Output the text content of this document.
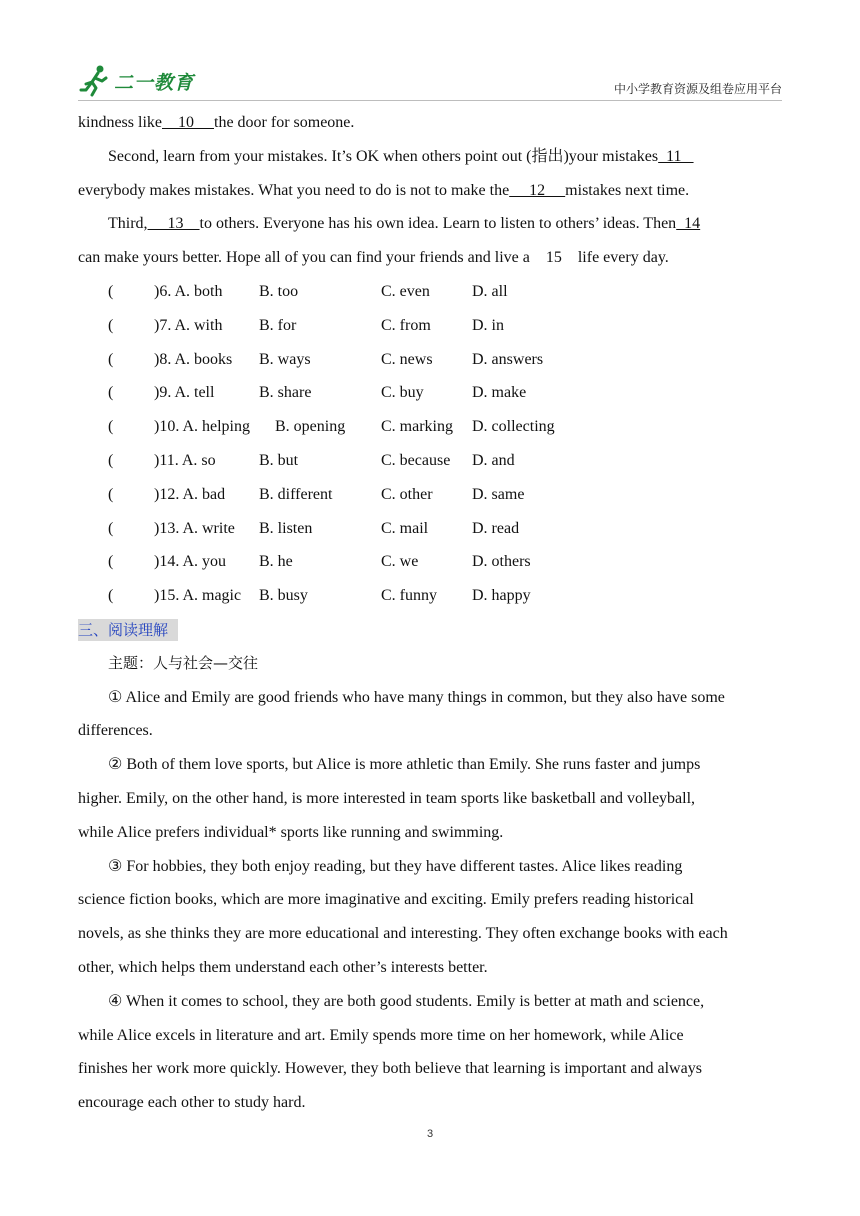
二一教育	中小学教育资源及组卷应用平台
kindness like    10     the door for someone.
Second, learn from your mistakes. It’s OK when others point out (指出)your mistakes  11
everybody makes mistakes. What you need to do is not to make the     12     mistakes next time.
Third,     13    to others. Everyone has his own idea. Learn to listen to others’ ideas. Then  14
can make yours better. Hope all of you can find your friends and live a    15    life every day.
(	)6. A. both B. too	C. even	D. all
(	)7. A. with B. for	C. from	D. in
(	)8. A. books B. ways	C. news D. answers
(	)9. A. tell	B. share	C. buy	D. make
(	)10. A. helping B. opening C. marking D. collecting
(	)11. A. so	B. but	C. because D. and
(	)12. A. bad B. different	C. other D. same
(	)13. A. write B. listen	C. mail	D. read
(	)14. A. you B. he	C. we	D. others
(	)15. A. magic B. busy	C. funny D. happy
三、阅读理解
主题：人与社会—交往
① Alice and Emily are good friends who have many things in common, but they also have some
differences.
② Both of them love sports, but Alice is more athletic than Emily. She runs faster and jumps
higher. Emily, on the other hand, is more interested in team sports like basketball and volleyball,
while Alice prefers individual* sports like running and swimming.
③ For hobbies, they both enjoy reading, but they have different tastes. Alice likes reading
science fiction books, which are more imaginative and exciting. Emily prefers reading historical
novels, as she thinks they are more educational and interesting. They often exchange books with each
other, which helps them understand each other’s interests better.
④ When it comes to school, they are both good students. Emily is better at math and science,
while Alice excels in literature and art. Emily spends more time on her homework, while Alice
finishes her work more quickly. However, they both believe that learning is important and always
encourage each other to study hard.
3
